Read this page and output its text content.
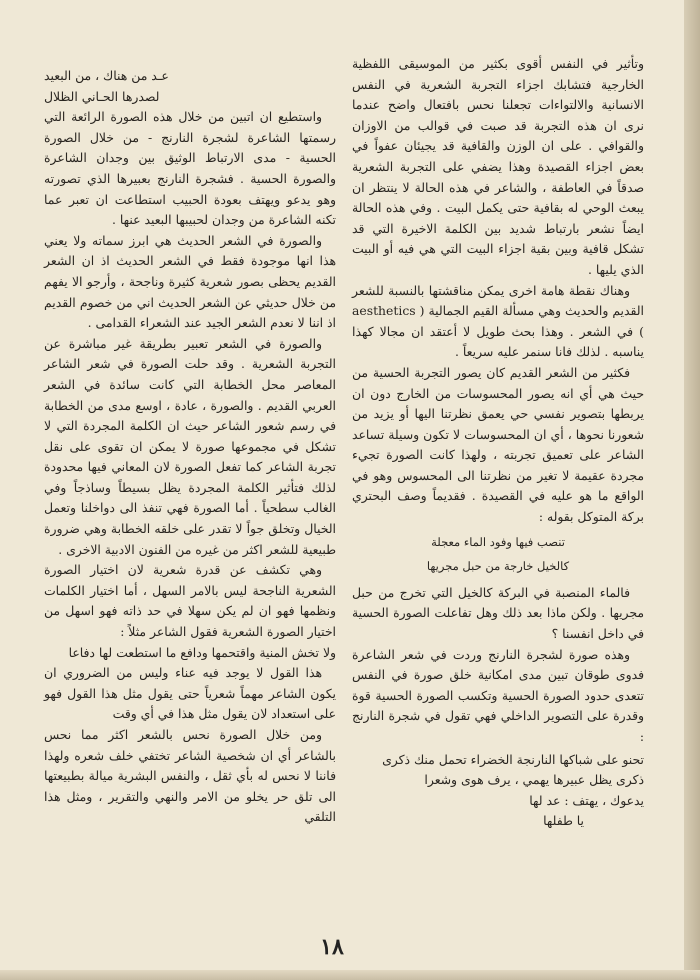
وتأثير في النفس أقوى بكثير من الموسيقى اللفظية الخارجية فتشابك اجزاء التجربة الشعرية في النفس الانسانية والالتواءات تجعلنا نحس بافتعال واضح عندما نرى ان هذه التجربة قد صبت في قوالب من الاوزان والقوافي . على ان الوزن والقافية قد يجيئان عفواً في بعض اجزاء القصيدة وهذا يضفي على التجربة الشعرية صدقاً في العاطفة ، والشاعر في هذه الحالة لا ينتظر ان يبعث الوحي له بقافية حتى يكمل البيت . وفي هذه الحالة ايضاً نشعر بارتباط شديد بين الكلمة الاخيرة التي قد تشكل قافية وبين بقية اجزاء البيت التي هي فيه أو البيت الذي يليها .

وهناك نقطة هامة اخرى يمكن مناقشتها بالنسبة للشعر القديم والحديث وهي مسألة القيم الجمالية ( aesthetics ) في الشعر . وهذا بحث طويل لا أعتقد ان مجالا كهذا يناسبه . لذلك فانا سنمر عليه سريعاً .

فكثير من الشعر القديم كان يصور التجربة الحسية من حيث هي أي انه يصور المحسوسات من الخارج دون ان يربطها بتصوير نفسي حي يعمق نظرتنا اليها أو يزيد من شعورنا نحوها ، أي ان المحسوسات لا تكون وسيلة تساعد الشاعر على تعميق تجربته ، ولهذا كانت الصورة تجيء مجردة عقيمة لا تغير من نظرتنا الى المحسوس وهو في الواقع ما هو عليه في القصيدة . فقديماً وصف البحتري بركة المتوكل بقوله :

تنصب فيها وفود الماء معجلة

كالخيل خارجة من حبل مجريها

فالماء المنصبة في البركة كالخيل التي تخرج من حبل مجريها . ولكن ماذا بعد ذلك وهل تفاعلت الصورة الحسية في داخل انفسنا ؟

وهذه صورة لشجرة النارنج وردت في شعر الشاعرة فدوى طوقان تبين مدى امكانية خلق صورة في النفس تتعدى حدود الصورة الحسية وتكسب الصورة الحسية قوة وقدرة على التصوير الداخلي فهي تقول في شجرة النارنج :

تحنو على شباكها النارنجة الخضراء تحمل منك ذكرى

ذكرى يظل عبيرها يهمي ، يرف هوى وشعرا

يدعوك ، يهتف : عد لها

يا طفلها

عـد من هناك ، من البعيد

لصدرها الحـاني الظلال

واستطيع ان اتبين من خلال هذه الصورة الرائعة التي رسمتها الشاعرة لشجرة النارنج - من خلال الصورة الحسية - مدى الارتباط الوثيق بين وجدان الشاعرة والصورة الحسية . فشجرة النارنج بعبيرها الذي تصورته وهو يدعو ويهتف بعودة الحبيب استطاعت ان تعبر عما تكنه الشاعرة من وجدان لحبيبها البعيد عنها .

والصورة في الشعر الحديث هي ابرز سماته ولا يعني هذا انها موجودة فقط في الشعر الحديث اذ ان الشعر القديم يحظى بصور شعرية كثيرة وناجحة ، وأرجو الا يفهم من خلال حديثي عن الشعر الحديث اني من خصوم القديم اذ اننا لا نعدم الشعر الجيد عند الشعراء القدامى .

والصورة في الشعر تعبير بطريقة غير مباشرة عن التجربة الشعرية . وقد حلت الصورة في شعر الشاعر المعاصر محل الخطابة التي كانت سائدة في الشعر العربي القديم . والصورة ، عادة ، اوسع مدى من الخطابة في رسم شعور الشاعر حيث ان الكلمة المجردة التي لا تشكل في مجموعها صورة لا يمكن ان تقوى على نقل تجربة الشاعر كما تفعل الصورة لان المعاني فيها محدودة لذلك فتأثير الكلمة المجردة يظل بسيطاً وساذجاً وفي الغالب سطحياً . أما الصورة فهي تنفذ الى دواخلنا وتعمل الخيال وتخلق جواً لا تقدر على خلقه الخطابة وهي ضرورة طبيعية للشعر اكثر من غيره من الفنون الادبية الاخرى .

وهي تكشف عن قدرة شعرية لان اختيار الصورة الشعرية الناجحة ليس بالامر السهل ، أما اختيار الكلمات ونظمها فهو ان لم يكن سهلا في حد ذاته فهو اسهل من اختيار الصورة الشعرية فقول الشاعر مثلاً :

ولا تخش المنية واقتحمها ودافع ما استطعت لها دفاعا

هذا القول لا يوجد فيه عناء وليس من الضروري ان يكون الشاعر مهماً شعرياً حتى يقول مثل هذا القول فهو على استعداد لان يقول مثل هذا في أي وقت

ومن خلال الصورة نحس بالشعر اكثر مما نحس بالشاعر أي ان شخصية الشاعر تختفي خلف شعره ولهذا فاننا لا نحس له بأي ثقل ، والنفس البشرية ميالة بطبيعتها الى تلق حر يخلو من الامر والنهي والتقرير ، ومثل هذا التلقي

١٨
